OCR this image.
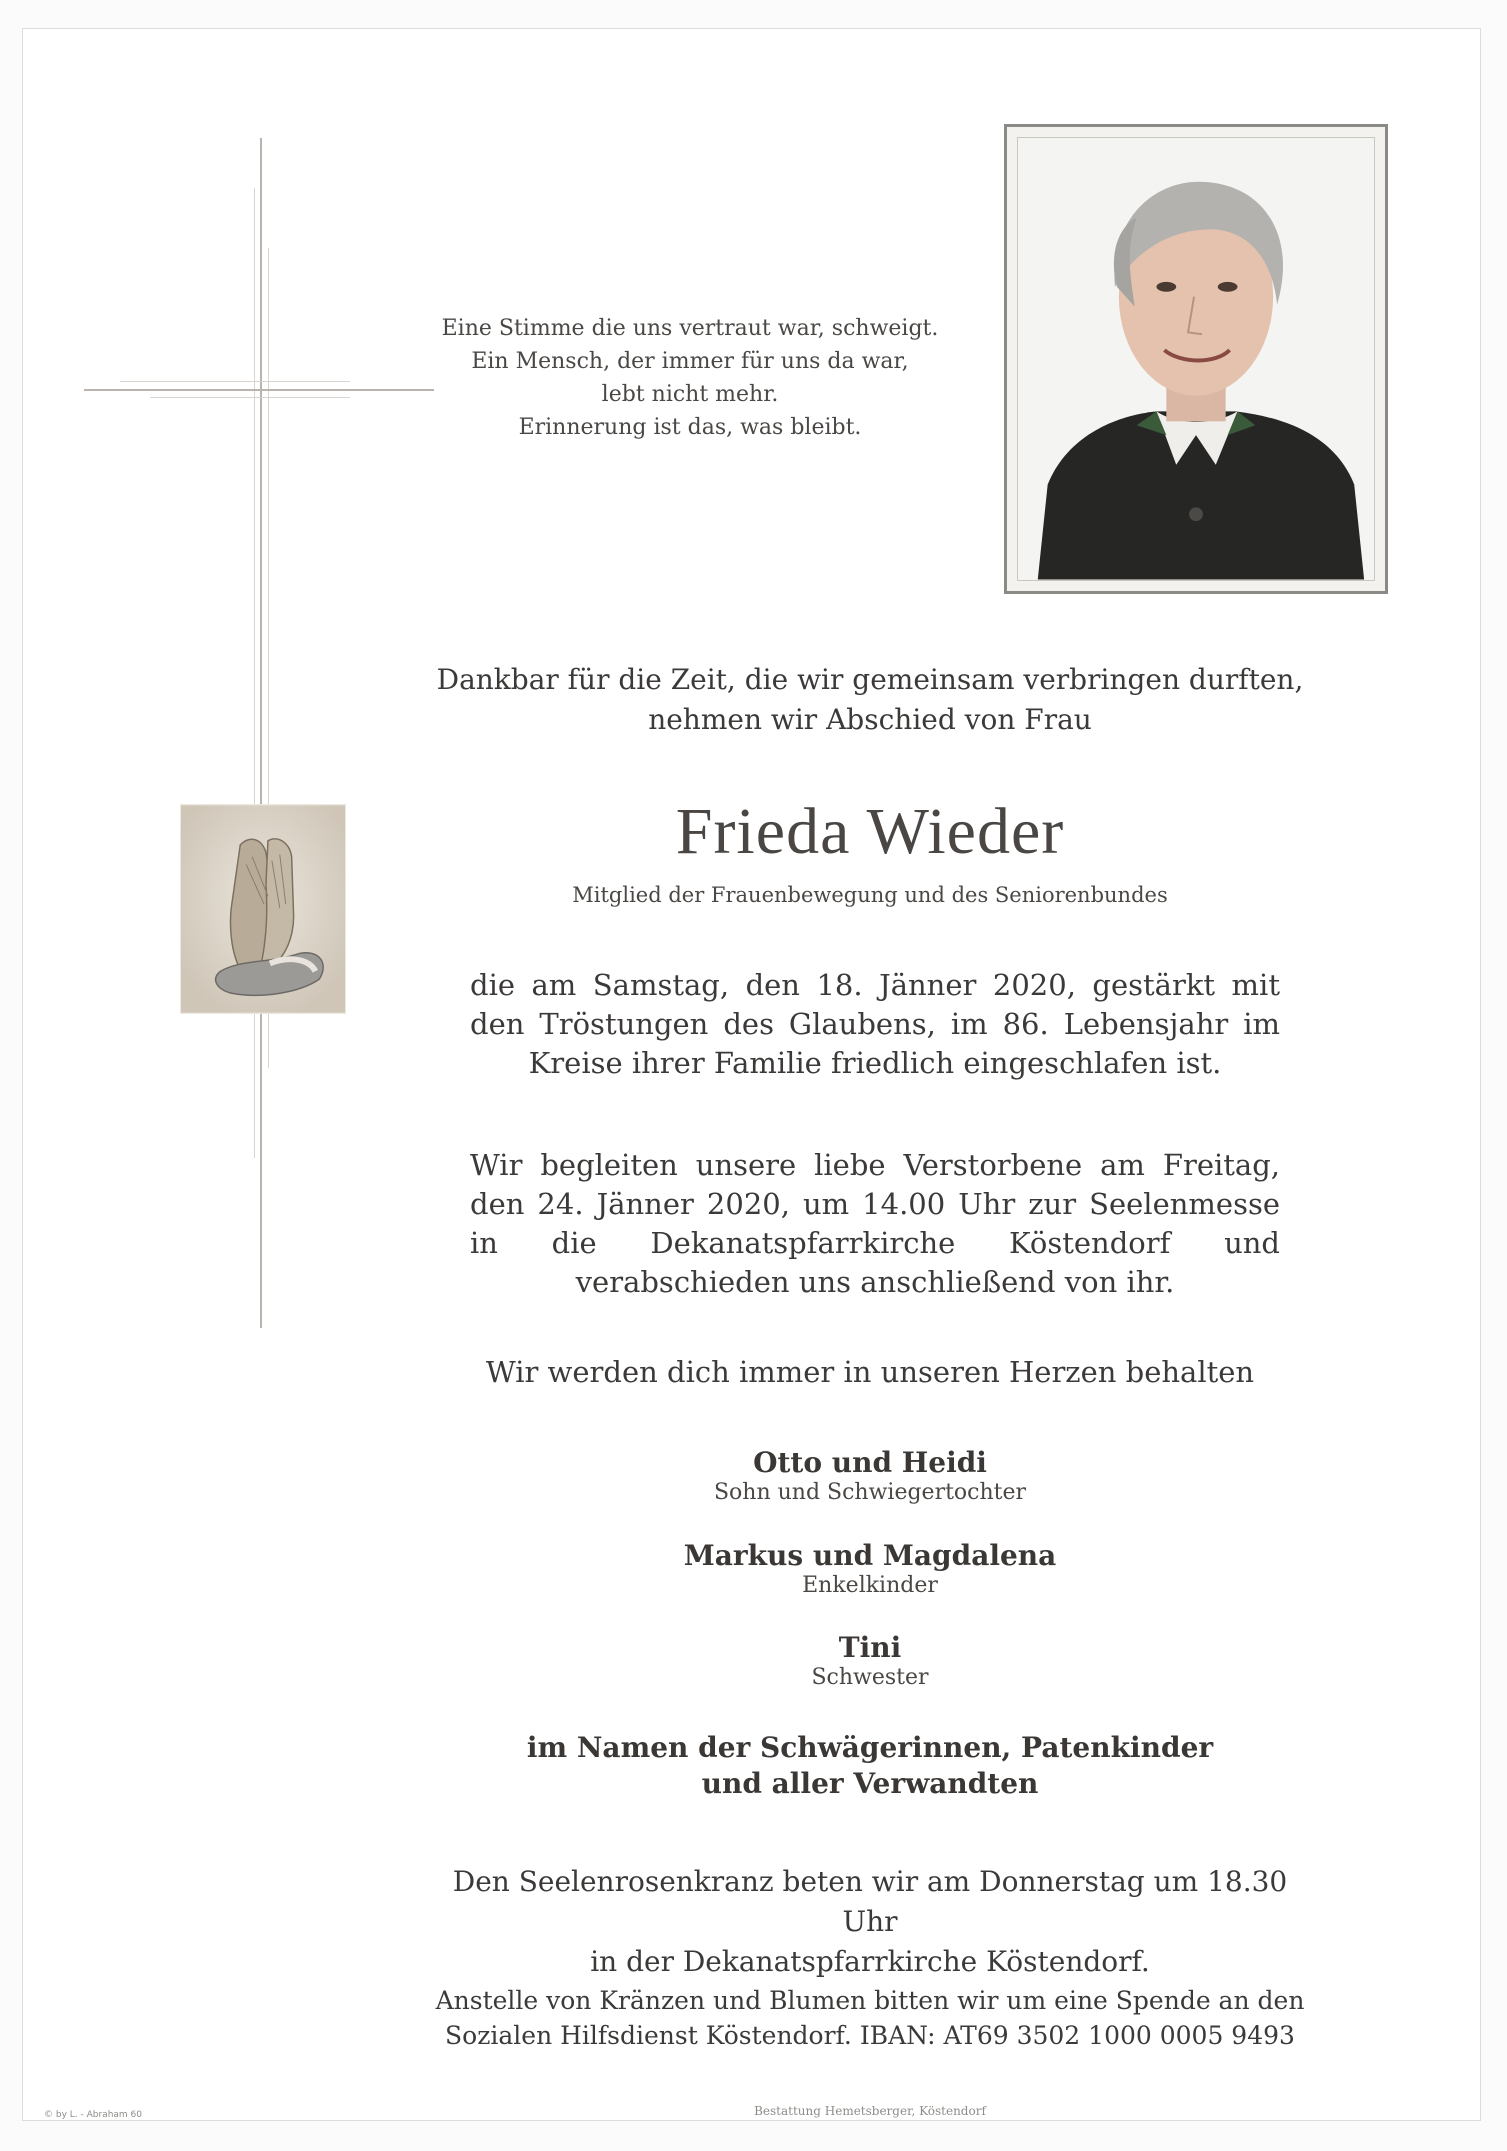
Eine Stimme die uns vertraut war, schweigt.
Ein Mensch, der immer für uns da war,
lebt nicht mehr.
Erinnerung ist das, was bleibt.
Dankbar für die Zeit, die wir gemeinsam verbringen durften,
nehmen wir Abschied von Frau
Frieda Wieder
Mitglied der Frauenbewegung und des Seniorenbundes
die am Samstag, den 18. Jänner 2020, gestärkt mit den Tröstungen des Glaubens, im 86. Lebensjahr im Kreise ihrer Familie friedlich eingeschlafen ist.
Wir begleiten unsere liebe Verstorbene am Freitag, den 24. Jänner 2020, um 14.00 Uhr zur Seelenmesse in die Dekanatspfarrkirche Köstendorf und verabschieden uns anschließend von ihr.
Wir werden dich immer in unseren Herzen behalten
Otto und Heidi
Sohn und Schwiegertochter
Markus und Magdalena
Enkelkinder
Tini
Schwester
im Namen der Schwägerinnen, Patenkinder
und aller Verwandten
Den Seelenrosenkranz beten wir am Donnerstag um 18.30 Uhr
in der Dekanatspfarrkirche Köstendorf.
Anstelle von Kränzen und Blumen bitten wir um eine Spende an den
Sozialen Hilfsdienst Köstendorf. IBAN: AT69 3502 1000 0005 9493
© by L. - Abraham 60	Bestattung Hemetsberger, Köstendorf
